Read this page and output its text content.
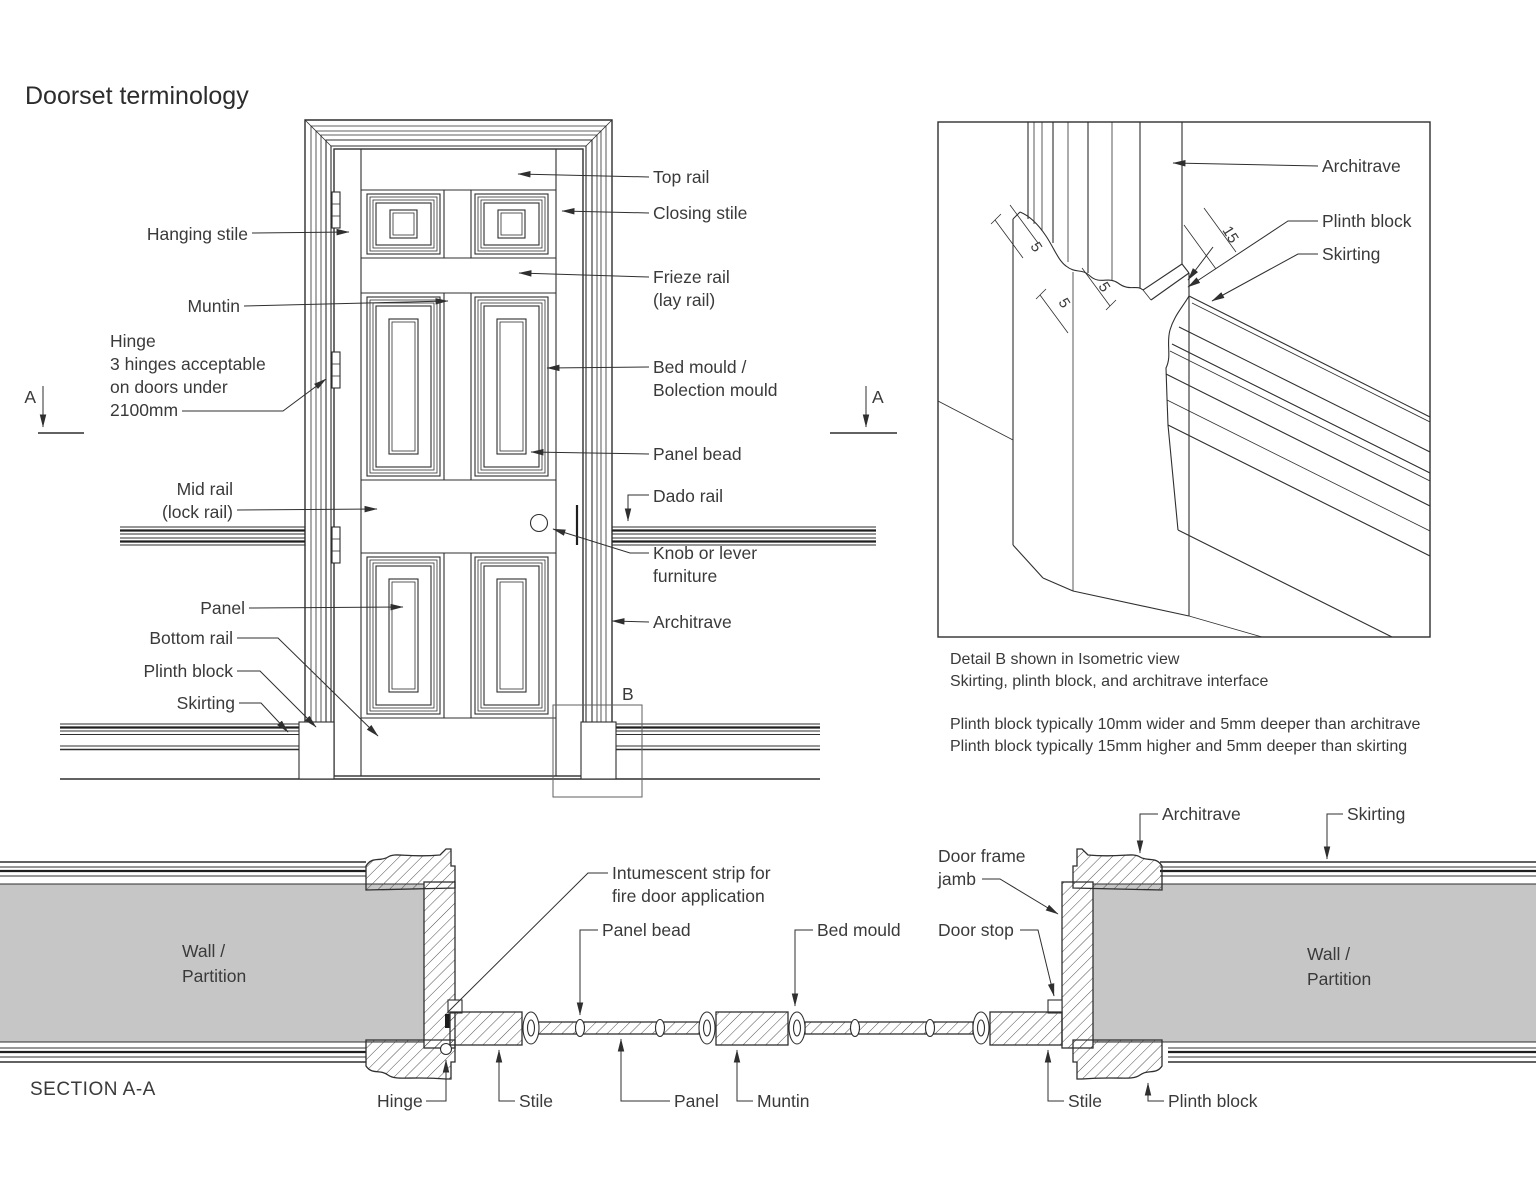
Doorset terminology
B
Hanging stile
Muntin
Hinge
3 hinges acceptable
on doors under
2100mm
Mid rail
(lock rail)
Panel
Bottom rail
Plinth block
Skirting
Top rail
Closing stile
Frieze rail
(lay rail)
Bed mould /
Bolection mould
Panel bead
Dado rail
Knob or lever
furniture
Architrave
A	A
5
5
5
15
Architrave
Plinth block
Skirting
Detail B shown in Isometric view
Skirting, plinth block, and architrave interface
Plinth block typically 10mm wider and 5mm deeper than architrave
Plinth block typically 15mm higher and 5mm deeper than skirting
Wall /
Partition
Wall /
Partition
SECTION A-A
Intumescent strip for
fire door application
Panel bead	Bed mould Door stop
Door frame
jamb
Architrave	Skirting
Hinge	Stile	Panel Muntin	Stile	Plinth block
